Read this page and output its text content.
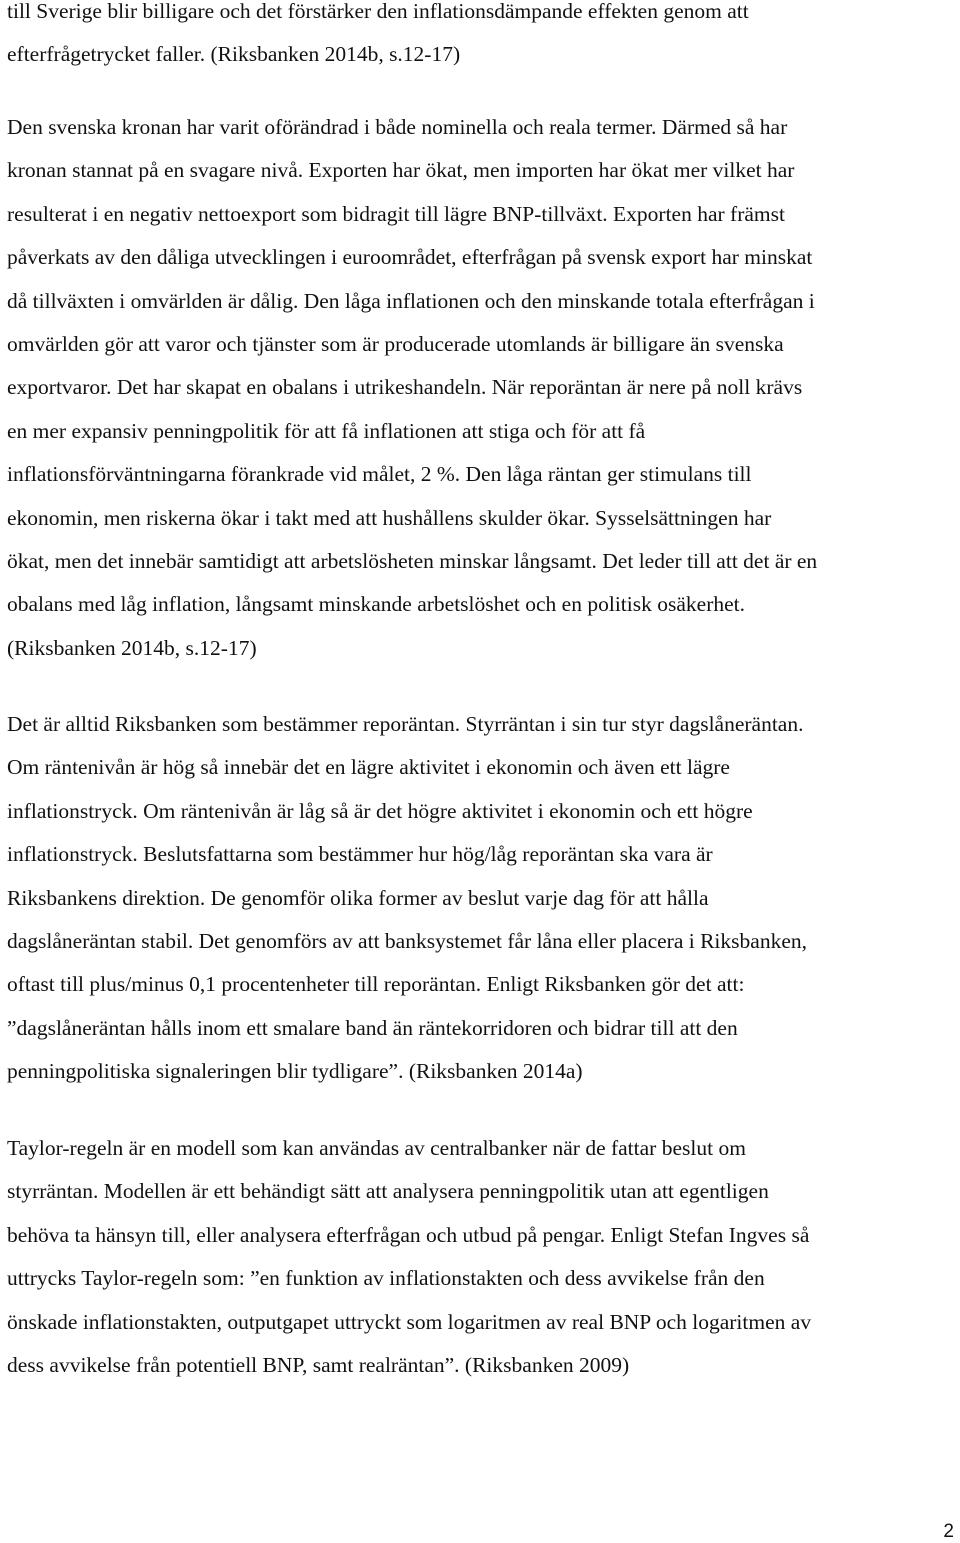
till Sverige blir billigare och det förstärker den inflationsdämpande effekten genom att
efterfrågetrycket faller. (Riksbanken 2014b, s.12-17)

Den svenska kronan har varit oförändrad i både nominella och reala termer. Därmed så har
kronan stannat på en svagare nivå. Exporten har ökat, men importen har ökat mer vilket har
resulterat i en negativ nettoexport som bidragit till lägre BNP-tillväxt. Exporten har främst
påverkats av den dåliga utvecklingen i euroområdet, efterfrågan på svensk export har minskat
då tillväxten i omvärlden är dålig. Den låga inflationen och den minskande totala efterfrågan i
omvärlden gör att varor och tjänster som är producerade utomlands är billigare än svenska
exportvaror. Det har skapat en obalans i utrikeshandeln. När reporäntan är nere på noll krävs
en mer expansiv penningpolitik för att få inflationen att stiga och för att få
inflationsförväntningarna förankrade vid målet, 2 %. Den låga räntan ger stimulans till
ekonomin, men riskerna ökar i takt med att hushållens skulder ökar. Sysselsättningen har
ökat, men det innebär samtidigt att arbetslösheten minskar långsamt. Det leder till att det är en
obalans med låg inflation, långsamt minskande arbetslöshet och en politisk osäkerhet.
(Riksbanken 2014b, s.12-17)

Det är alltid Riksbanken som bestämmer reporäntan. Styrräntan i sin tur styr dagslåneräntan.
Om räntenivån är hög så innebär det en lägre aktivitet i ekonomin och även ett lägre
inflationstryck. Om räntenivån är låg så är det högre aktivitet i ekonomin och ett högre
inflationstryck. Beslutsfattarna som bestämmer hur hög/låg reporäntan ska vara är
Riksbankens direktion. De genomför olika former av beslut varje dag för att hålla
dagslåneräntan stabil. Det genomförs av att banksystemet får låna eller placera i Riksbanken,
oftast till plus/minus 0,1 procentenheter till reporäntan. Enligt Riksbanken gör det att:
”dagslåneräntan hålls inom ett smalare band än räntekorridoren och bidrar till att den
penningpolitiska signaleringen blir tydligare”. (Riksbanken 2014a)

Taylor-regeln är en modell som kan användas av centralbanker när de fattar beslut om
styrräntan. Modellen är ett behändigt sätt att analysera penningpolitik utan att egentligen
behöva ta hänsyn till, eller analysera efterfrågan och utbud på pengar. Enligt Stefan Ingves så
uttrycks Taylor-regeln som: ”en funktion av inflationstakten och dess avvikelse från den
önskade inflationstakten, outputgapet uttryckt som logaritmen av real BNP och logaritmen av
dess avvikelse från potentiell BNP, samt realräntan”. (Riksbanken 2009)

2
